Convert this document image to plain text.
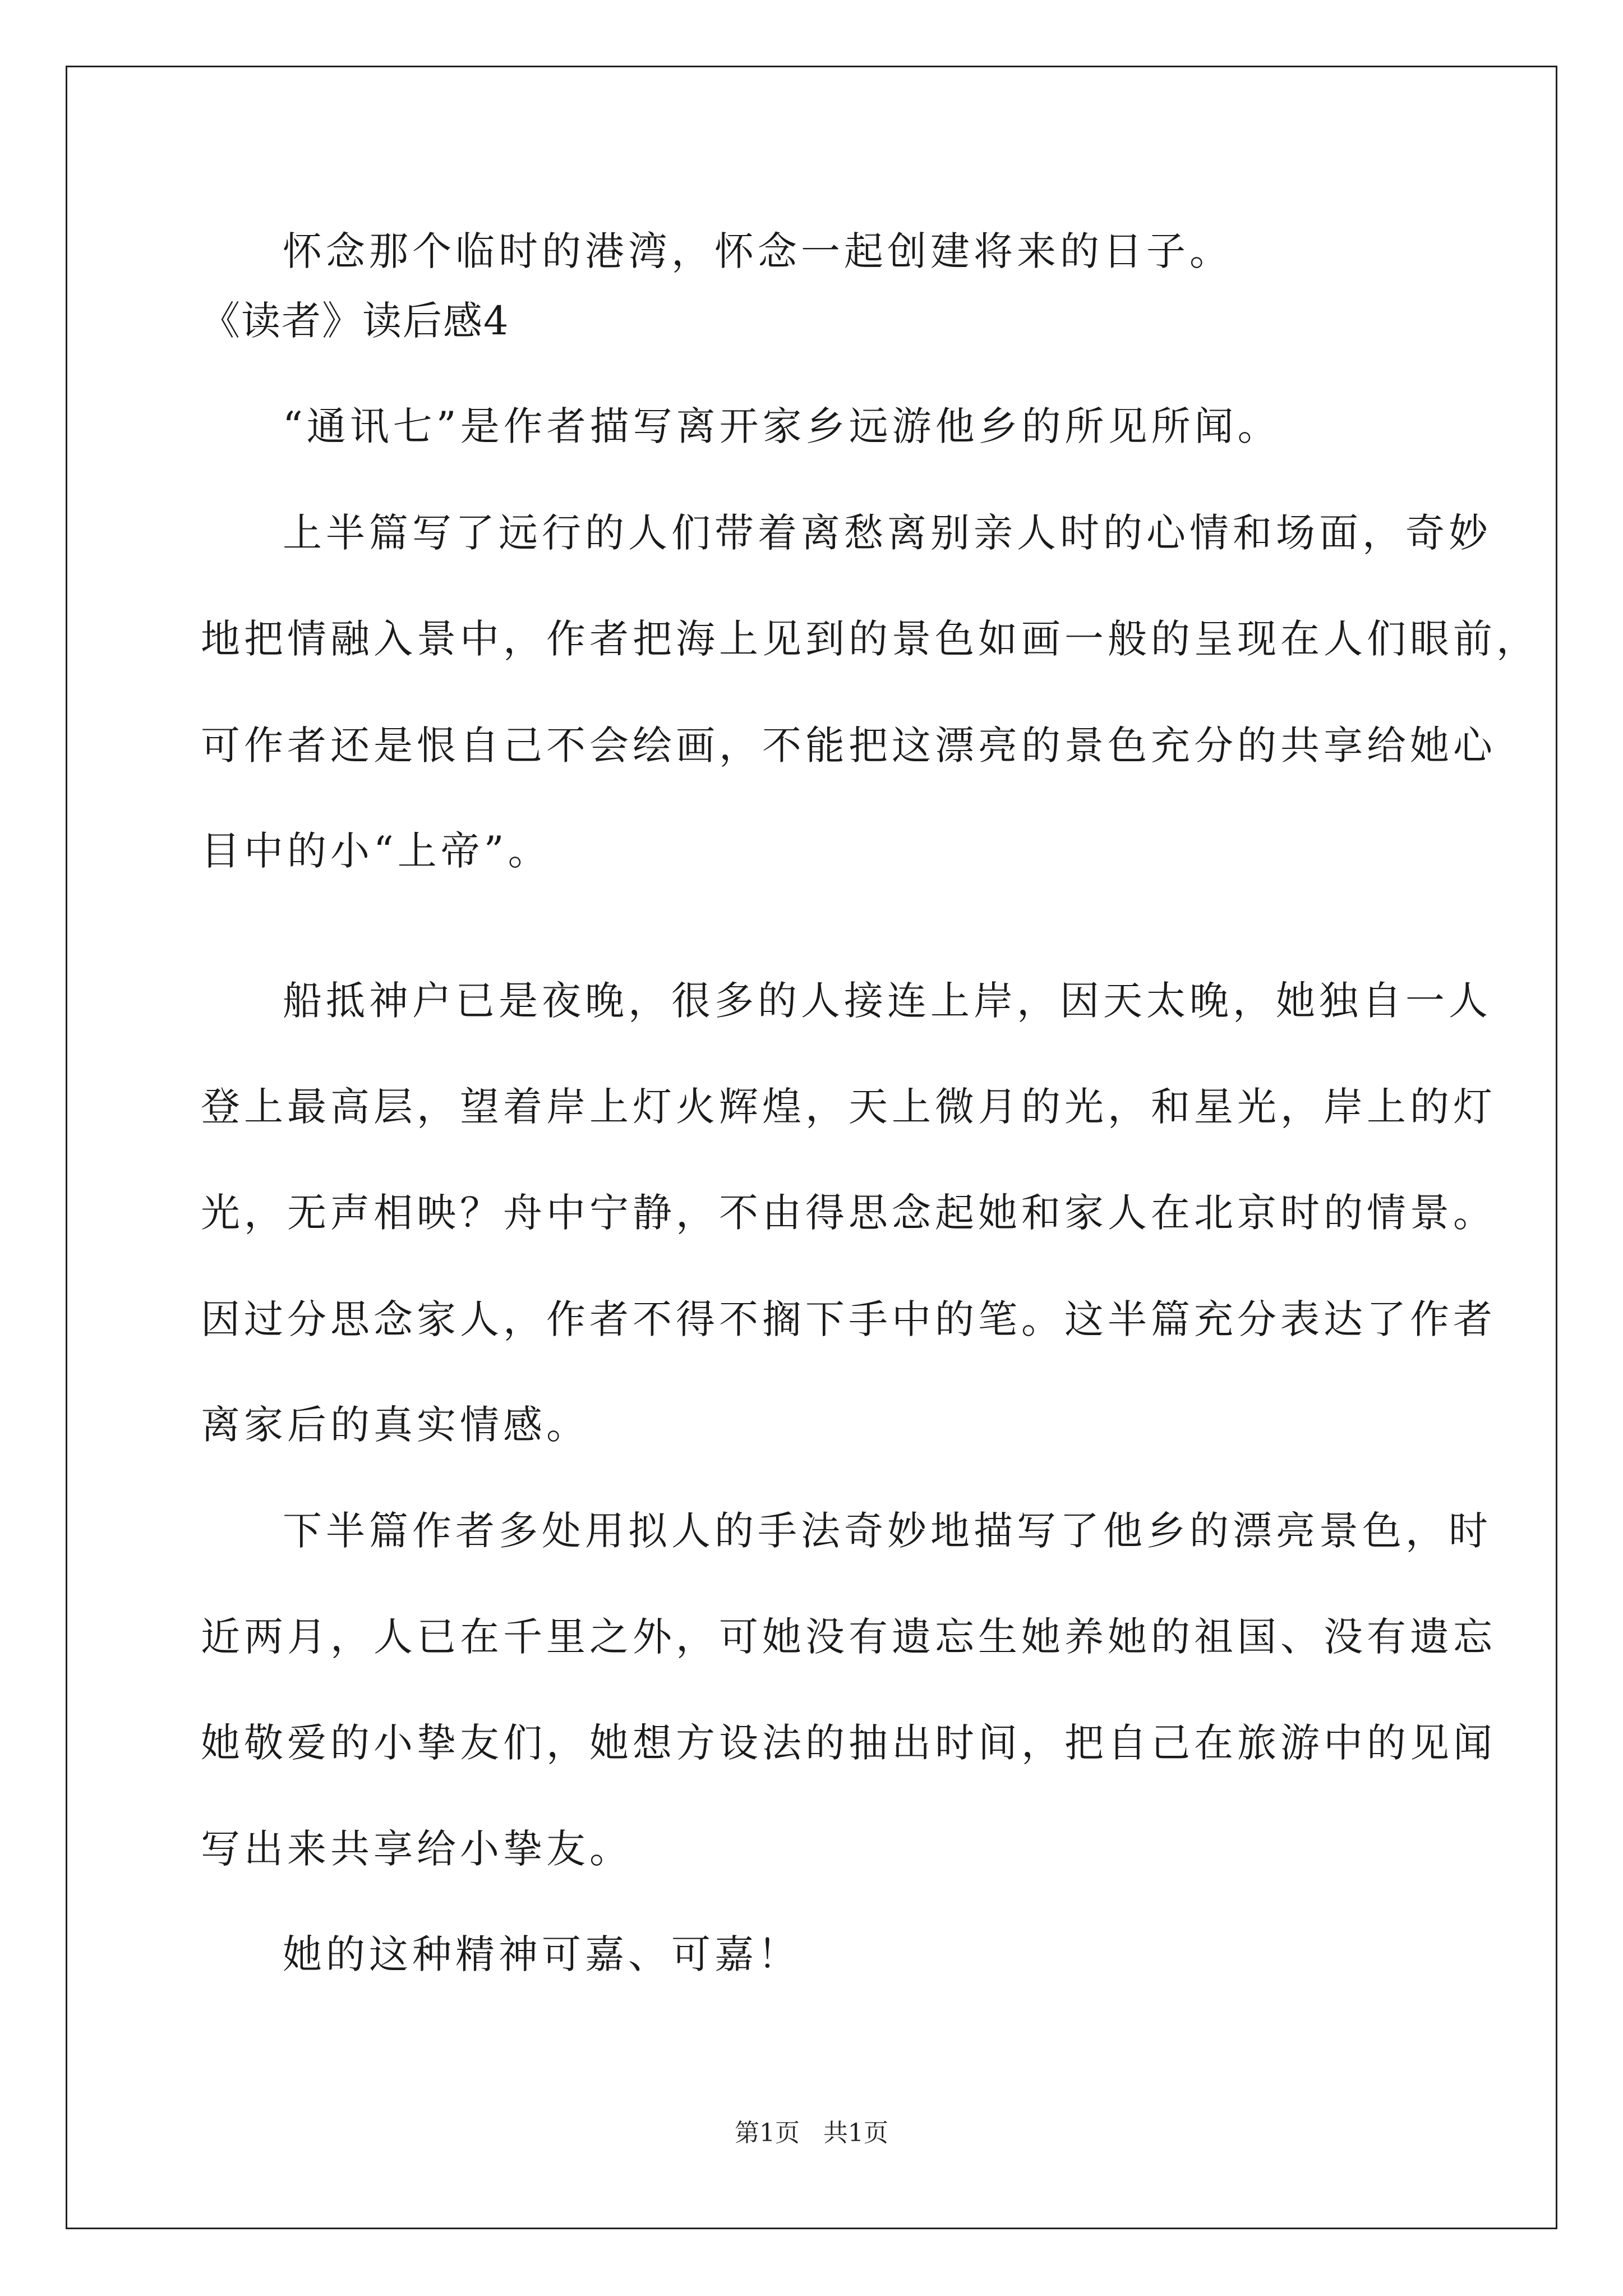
怀念那个临时的港湾，怀念一起创建将来的日子。
《读者》读后感4
“通讯七”是作者描写离开家乡远游他乡的所见所闻。
上半篇写了远行的人们带着离愁离别亲人时的心情和场面，奇妙
地把情融入景中，作者把海上见到的景色如画一般的呈现在人们眼前，
可作者还是恨自己不会绘画，不能把这漂亮的景色充分的共享给她心
目中的小“上帝”。
船抵神户已是夜晚，很多的人接连上岸，因天太晚，她独自一人
登上最高层，望着岸上灯火辉煌，天上微月的光，和星光，岸上的灯
光，无声相映？舟中宁静，不由得思念起她和家人在北京时的情景。
因过分思念家人，作者不得不搁下手中的笔。这半篇充分表达了作者
离家后的真实情感。
下半篇作者多处用拟人的手法奇妙地描写了他乡的漂亮景色，时
近两月，人已在千里之外，可她没有遗忘生她养她的祖国、没有遗忘
她敬爱的小挚友们，她想方设法的抽出时间，把自己在旅游中的见闻
写出来共享给小挚友。
她的这种精神可嘉、可嘉！
第1页   共1页
